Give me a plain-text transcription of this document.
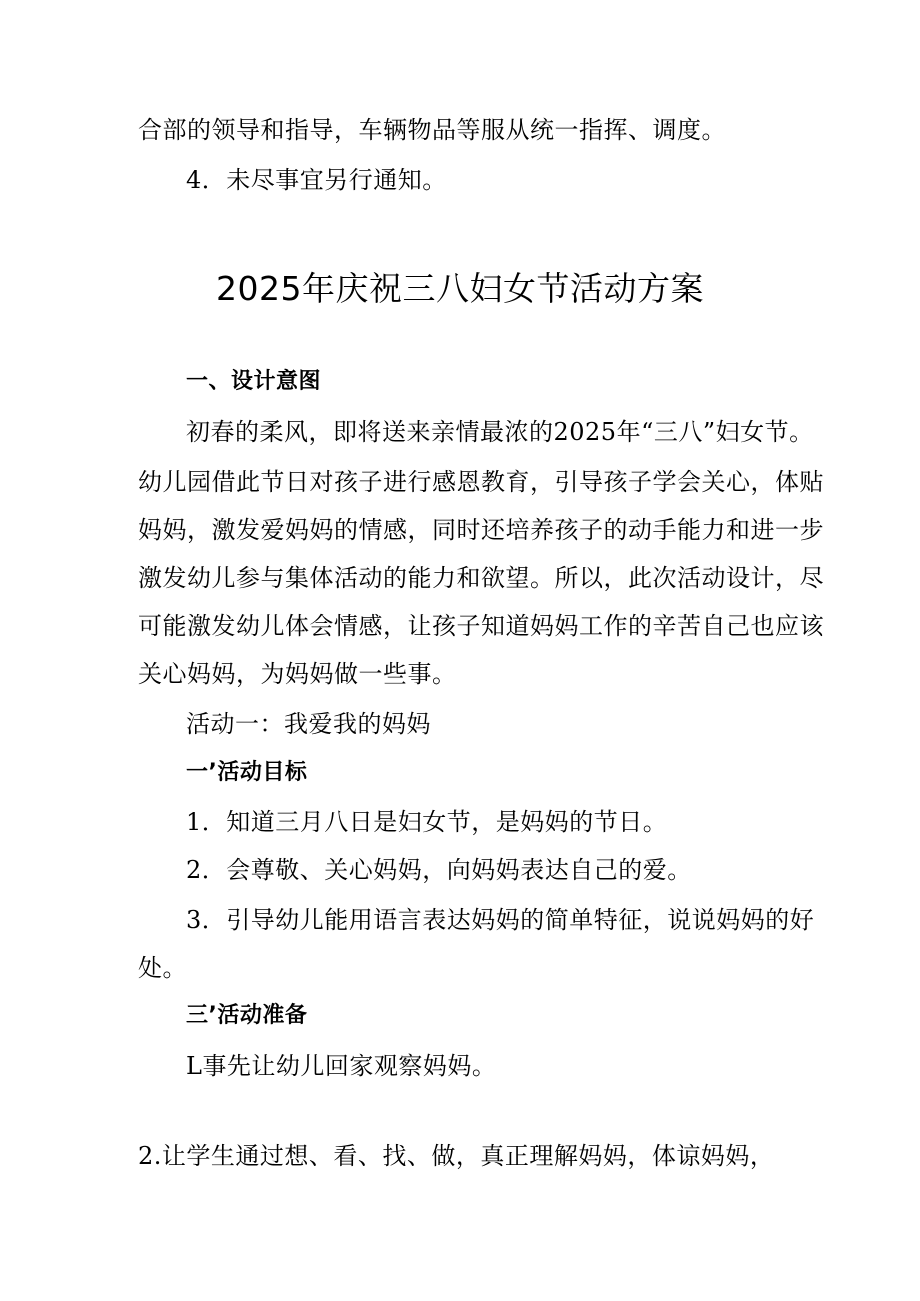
合部的领导和指导，车辆物品等服从统一指挥、调度。
4．未尽事宜另行通知。
2025年庆祝三八妇女节活动方案
一、设计意图
初春的柔风，即将送来亲情最浓的2025年“三八”妇女节。
幼儿园借此节日对孩子进行感恩教育，引导孩子学会关心，体贴
妈妈，激发爱妈妈的情感，同时还培养孩子的动手能力和进一步
激发幼儿参与集体活动的能力和欲望。所以，此次活动设计，尽
可能激发幼儿体会情感，让孩子知道妈妈工作的辛苦自己也应该
关心妈妈，为妈妈做一些事。
活动一：我爱我的妈妈
一’活动目标
1．知道三月八日是妇女节，是妈妈的节日。
2．会尊敬、关心妈妈，向妈妈表达自己的爱。
3．引导幼儿能用语言表达妈妈的简单特征，说说妈妈的好
处。
三’活动准备
L事先让幼儿回家观察妈妈。
2.让学生通过想、看、找、做，真正理解妈妈，体谅妈妈，
